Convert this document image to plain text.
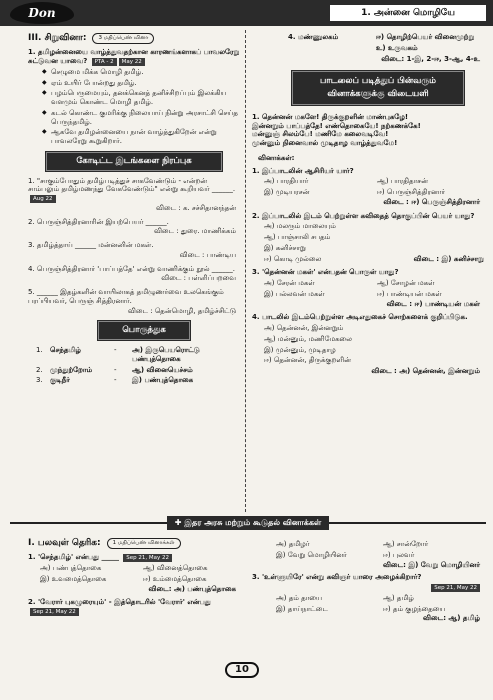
Don	1. அன்னை மொழியே
III. சிறுவினா:	3 மதிப்பெண் வினா
1. தமிழன்னையை வாழ்த்துவதற்கான காரணங்களாகப் பாவலரேறு சுட்டுவன யாவை? PTA - 2 May 22
◆ செழுமை மிக்க மொழி தமிழ்.
◆ ஏம் உயிர் போன்றது தமிழ்.
◆ பழம்பெருமையும், தனக்கெனத் தனிச்சிறப்பும் இலக்கிய வளமும் கொண்ட மொழி தமிழ்.
◆ கடல் கொண்ட குமரிக்கு நிலையாய் நின்று அரசாட்சி செய்த பெருந்தமிழ்.
◆ ஆகவே தமிழன்னையை நான் வாழ்த்துகிறேன் என்று பாவலரேறு கூறுகிறார்.
கோடிட்ட இடங்களை நிரப்புக
1. "சாகும்போதும் தமிழ்படித்துச் சாகவேண்டும் - என்றன் சாம்பலும் தமிழ்மணந்து வேகவேண்டும்" என்று கூறியவர் ______. Aug 22
விடை : க. சச்சிதானந்தன்
2. பெருஞ்சித்திரனாரின் இயற்பெயர் ______.
விடை : துரை. மாணிக்கம்
3. தமிழ்த்தாய் ______ மன்னனின் மகள்.
விடை : பாண்டிய
4. பெருஞ்சித்திரனார் 'பாப்பத்தே' என்று வாணிக்கும் நூல் ______.
விடை : பள்ளிப்பறவை
5. ______ இதழ்களின் வாயிலாகத் தமிழுணர்வை உலகெங்கும் பரப்பியவர், பெருஞ் சித்திரனார்.
விடை : தென்மொழி, தமிழ்ச்சிட்டு
பொருத்துக
1.	செந்தமிழ்	-	அ) இருபெயரொட்டு பண்புத்தொகை
2.	முந்துற்றோம்	-	ஆ) வினையெச்சம்
3.	குடிநீர்	-	இ) பண்புத்தொகை
4. மண்ணுலகம்	ஈ) தொழிற்பெயர் வினைமுற்று
உ) உருவகம்
விடை: 1-இ, 2-ஈ, 3-ஆ, 4-உ
பாடலைப் படித்துப் பின்வரும் வினாக்களுக்கு விடையளி
1. தென்னன் மகளே! திருக்குறளின் மாண்புகழே!
இன்னறும் பாப்பத்தே! எண்தொகையே! நற்கணக்கே!
மன்னுஞ் சிலம்பே! மணிமே கலைவடிவே!
முன்னும் நினைவால் முடிதாழ வாழ்த்துவமே!
வினாக்கள்:
1. இப்பாடலின் ஆசிரியர் யார்?
அ) பாரதியார்	ஆ) பாரதிதாசன்
இ) முடியரசன்	ஈ) பெருஞ்சித்திரனார்
விடை : ஈ) பெருஞ்சித்திரனார்
2. இப்பாடலில் இடம் பெற்றுள்ள கவிதைத் தொகுப்பின் பெயர் யாது?
அ) மலரும் மாலையும்
ஆ) பாஞ்சாலி சபதம்
இ) கனிச்சாறு
ஈ) கொடி முல்லை	விடை : இ) கனிச்சாறு
3. 'தென்னன் மகள்' என்பதன் பொருள் யாது?
அ) சேரன் மகள்	ஆ) சோழன் மகள்
இ) பல்லவன் மகள்	ஈ) பாண்டியன் மகள்
விடை : ஈ) பாண்டியன் மகள்
4. பாடலில் இடம்பெற்றுள்ள அடிஎதுகைச் சொற்களைக் குறிப்பிடுக.
அ) தென்னன், இன்னறும்
ஆ) மன்னும், மணிமேகலை
இ) முன்னும், முடிதாழ
ஈ) தென்னன், திருக்குறளின்
விடை : அ) தென்னன், இன்னறும்
✚ இதர அரசு மற்றும் கூடுதல் வினாக்கள்
I. பலவுள் தெரிக:	1 மதிப்பெண் வினாக்கள்
1. 'செந்தமிழ்' என்பது _____ Sep 21, May 22
அ) பண்புத்தொகை	ஆ) வினைத்தொகை
இ) உவமைத்தொகை	ஈ) உம்மைத்தொகை
விடை: அ) பண்புத்தொகை
2. 'வேரார் புகழுரையும்' - இத்தொடரில் 'வேரார்' என்பது Sep 21, May 22
அ) தமிழர்	ஆ) சான்றோர்
இ) வேறு மொழியினர்	ஈ) புலவர்
விடை: இ) வேறு மொழியினர்
3. 'உள்ளுயிரே' என்று கவிஞர் யாரை அழைக்கிறார்?
Sep 21, May 22
அ) தம் தாயை	ஆ) தமிழ்
இ) தாய்நாட்டை	ஈ) தம் குழந்தையை
விடை: ஆ) தமிழ்
10
